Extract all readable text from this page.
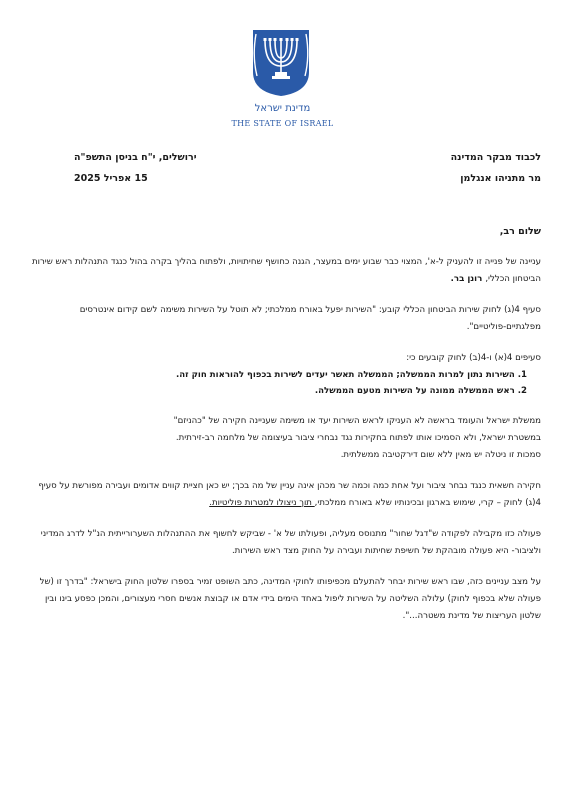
מדינת ישראל
THE STATE OF ISRAEL
לכבוד מבקר המדינה
מר מתניהו אנגלמן
ירושלים, י"ח בניסן התשפ"ה
15 אפריל 2025

שלום רב,

עניינה של פנייה זו להעניק ל-א', המצוי כבר שבוע ימים במעצר, הגנה כחושף שחיתויות, ולפתוח בהליך בקרה בהול כנגד התנהלות ראש שירות הביטחון הכללי, רונן בר.

סעיף 4(ג) לחוק שירות הביטחון הכללי קובע: "השירות יפעל באורח ממלכתי; לא תוטל על השירות משימה לשם קידום אינטרסים מפלגתיים-פוליטיים".

סעיפים 4(א) ו-4(ב) לחוק קובעים כי:

1. השירות נתון למרות הממשלה; הממשלה תאשר יעדים לשירות בכפוף להוראות חוק זה.
2. ראש הממשלה ממונה על השירות מטעם הממשלה.

ממשלת ישראל והעומד בראשה לא העניקו לראש השירות יעד או משימה שעניינה חקירה של "כהניזם"

במשטרת ישראל, ולא הסמיכו אותו לפתוח בחקירות נגד נבחרי ציבור בעיצומה של מלחמה רב-זירתית.

סמכות זו ניטלה יש מאין ללא שום דירקטיבה ממשלתית.

חקירה חשאית כנגד נבחר ציבור ועל אחת כמה וכמה שר מכהן אינה עניין של מה בכך; יש כאן חציית קווים אדומים ועבירה מפורשת על סעיף 4(ג) לחוק – קרי, שימוש בארגון ובכינותיו שלא באורח ממלכתי, תוך ניצולו למטרות פוליטיות.

פעולה כזו מקבילה לפקודה ש"דגל שחור" מתנוסס מעליה, ופעולתו של א' - שביקש לחשוף את ההתנהלות השערורייתית הנ"ל לדרג המדיני ולציבור- היא פעולה מובהקת של חשיפת שחיתות ועבירה על החוק מצד ראש השירות.

על מצב עניינים כזה, שבו ראש שירות יבחר להתעלם מכפיפותו לחוקי המדינה, כתב השופט זמיר בספרו שלטון החוק בישראל: "בדרך זו (של פעולה שלא בכפוף לחוק) עלולה השליטה על השירות ליפול באחד הימים בידי אדם או קבוצת אנשים חסרי מעצורים, והמכן כפסע בינו ובין שלטון העריצות של מדינת משטרה...".
